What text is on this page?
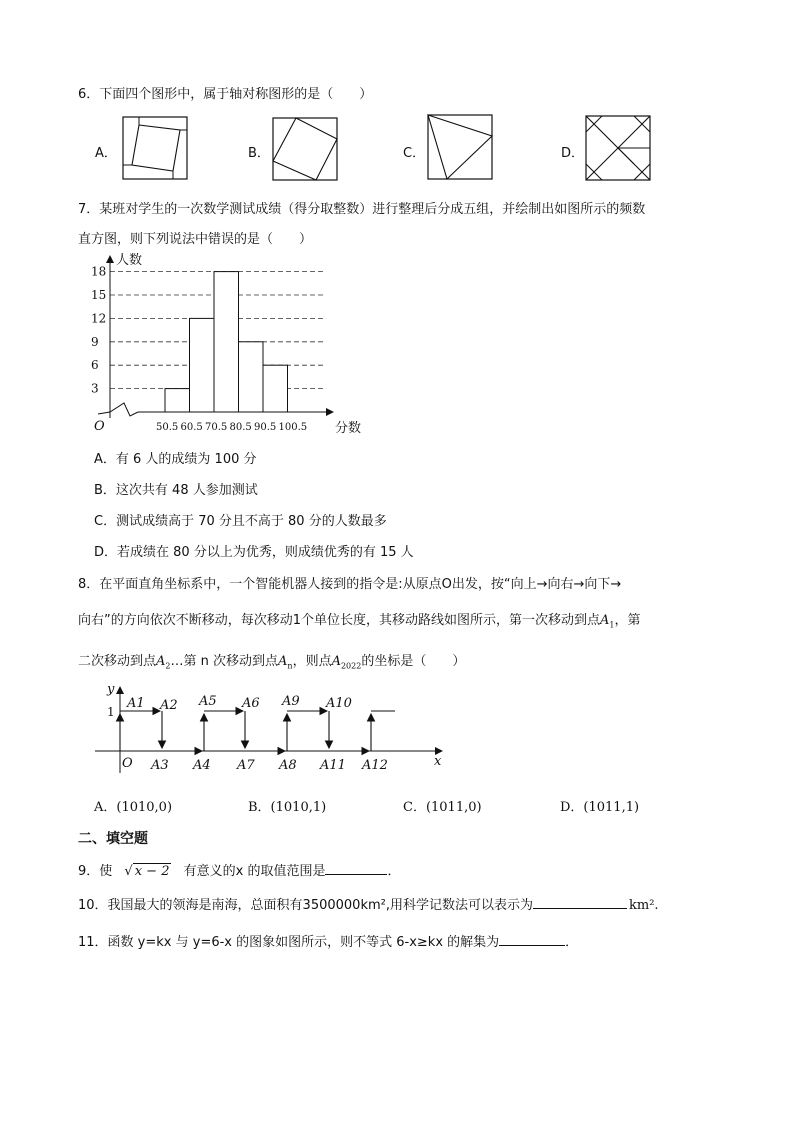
6．下面四个图形中，属于轴对称图形的是（　　）
A．	B．	C．	D．
7．某班对学生的一次数学测试成绩（得分取整数）进行整理后分成五组，并绘制出如图所示的频数
直方图，则下列说法中错误的是（　　）
3
6
9
12
15
18
50.5 60.5 70.5 80.5 90.5 100.5
人数
分数
O
A．有 6 人的成绩为 100 分
B．这次共有 48 人参加测试
C．测试成绩高于 70 分且不高于 80 分的人数最多
D．若成绩在 80 分以上为优秀，则成绩优秀的有 15 人
8．在平面直角坐标系中，一个智能机器人接到的指令是:从原点O出发，按“向上→向右→向下→
向右”的方向依次不断移动，每次移动1个单位长度，其移动路线如图所示，第一次移动到点$A_1$，第
二次移动到点$A_2\dots$第 n 次移动到点$A_n$，则点$A_{2022}$的坐标是（　　）
y
x
O
1
A1 A2 A5 A6 A9 A10
A3 A4 A7 A8 A11 A12
A．(1010,0)	B．(1010,1)	C．(1011,0)	D．(1011,1)
二、填空题
9．使 √ x − 2 有意义的x 的取值范围是	．
10．我国最大的领海是南海，总面积有3500000km²,用科学记数法可以表示为	km².
11．函数 y=kx 与 y=6-x 的图象如图所示，则不等式 6-x≥kx 的解集为	．
